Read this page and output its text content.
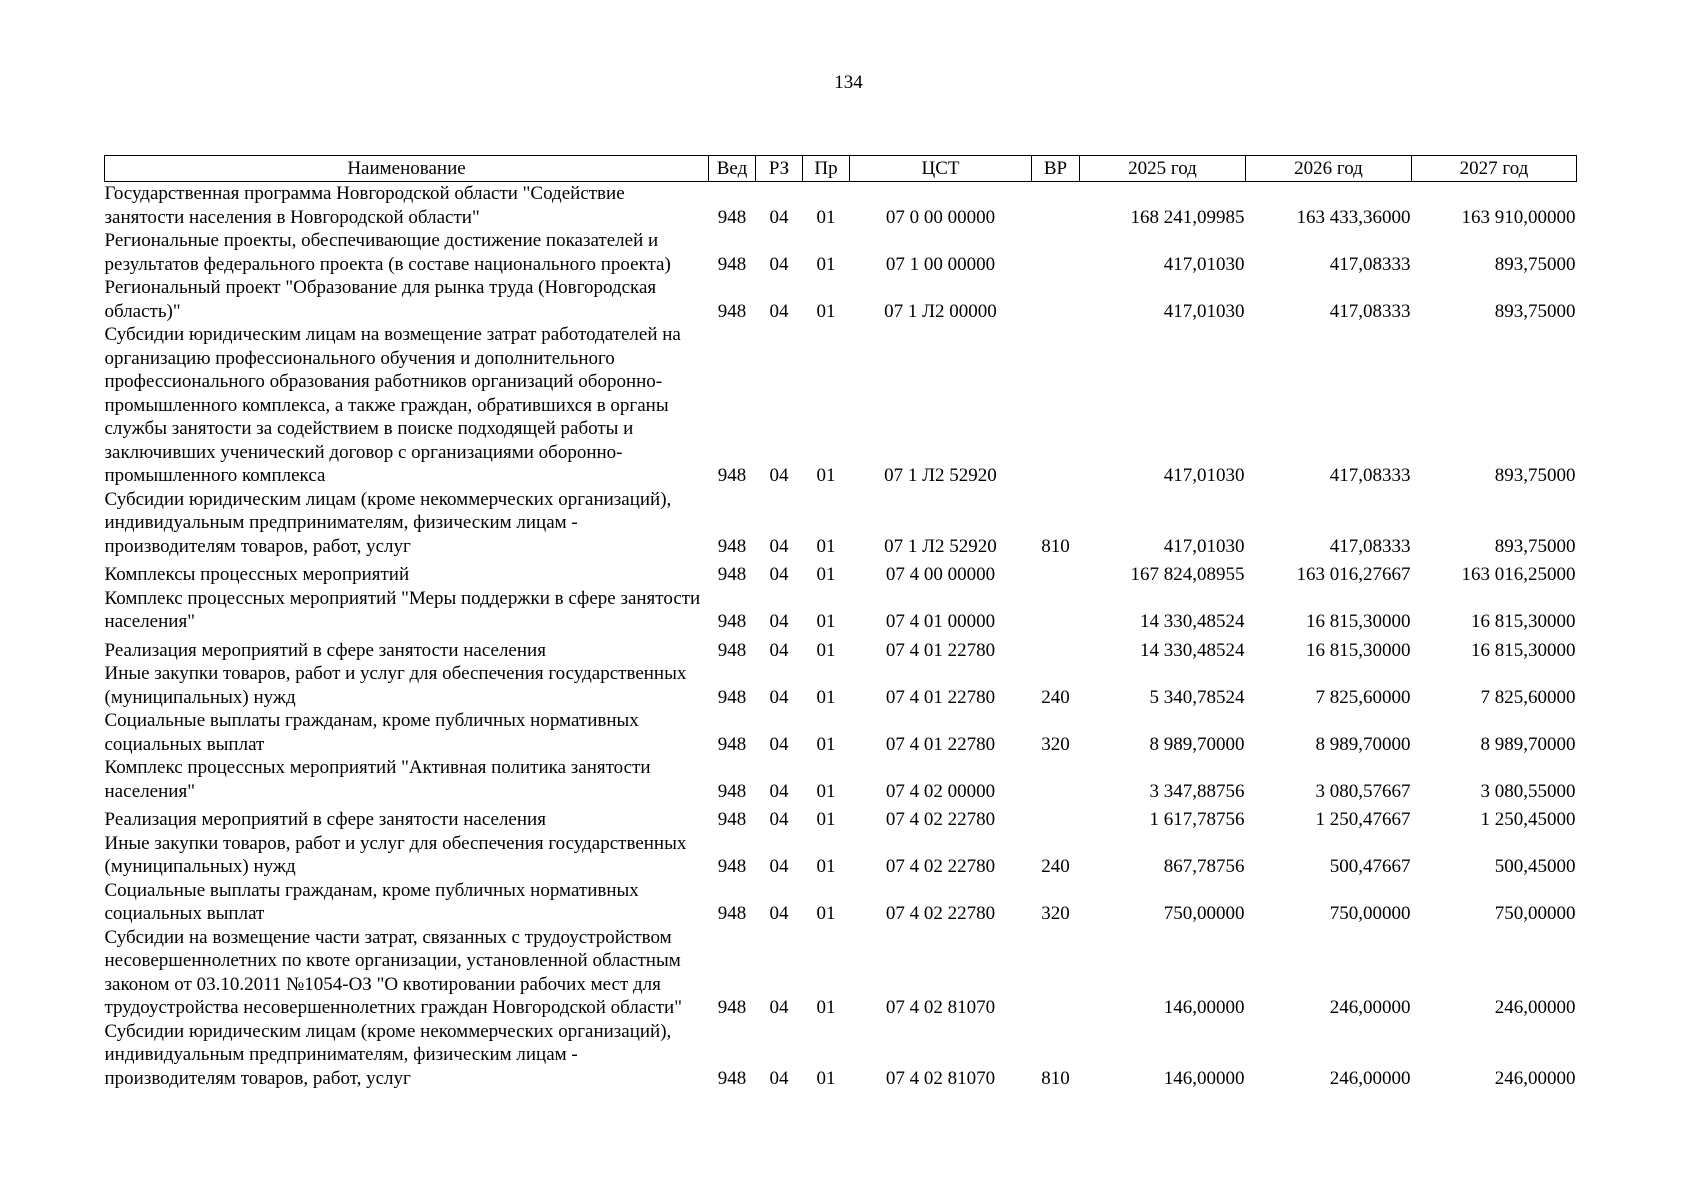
134
Наименование	Вед	РЗ	Пр	ЦСТ	ВР	2025 год	2026 год	2027 год
Государственная программа Новгородской области "Содействие занятости населения в Новгородской области"	948	04	01	07 0 00 00000		168 241,09985	163 433,36000	163 910,00000
Региональные проекты, обеспечивающие достижение показателей и результатов федерального проекта (в составе национального проекта)	948	04	01	07 1 00 00000		417,01030	417,08333	893,75000
Региональный проект "Образование для рынка труда (Новгородская область)"	948	04	01	07 1 Л2 00000		417,01030	417,08333	893,75000
Субсидии юридическим лицам на возмещение затрат работодателей на организацию профессионального обучения и дополнительного профессионального образования работников организаций оборонно-промышленного комплекса, а также граждан, обратившихся в органы службы занятости за содействием в поиске подходящей работы и заключивших ученический договор с организациями оборонно-промышленного комплекса	948	04	01	07 1 Л2 52920		417,01030	417,08333	893,75000
Субсидии юридическим лицам (кроме некоммерческих организаций), индивидуальным предпринимателям, физическим лицам - производителям товаров, работ, услуг	948	04	01	07 1 Л2 52920	810	417,01030	417,08333	893,75000
Комплексы процессных мероприятий	948	04	01	07 4 00 00000		167 824,08955	163 016,27667	163 016,25000
Комплекс процессных мероприятий "Меры поддержки в сфере занятости населения"	948	04	01	07 4 01 00000		14 330,48524	16 815,30000	16 815,30000
Реализация мероприятий в сфере занятости населения	948	04	01	07 4 01 22780		14 330,48524	16 815,30000	16 815,30000
Иные закупки товаров, работ и услуг для обеспечения государственных (муниципальных) нужд	948	04	01	07 4 01 22780	240	5 340,78524	7 825,60000	7 825,60000
Социальные выплаты гражданам, кроме публичных нормативных социальных выплат	948	04	01	07 4 01 22780	320	8 989,70000	8 989,70000	8 989,70000
Комплекс процессных мероприятий "Активная политика занятости населения"	948	04	01	07 4 02 00000		3 347,88756	3 080,57667	3 080,55000
Реализация мероприятий в сфере занятости населения	948	04	01	07 4 02 22780		1 617,78756	1 250,47667	1 250,45000
Иные закупки товаров, работ и услуг для обеспечения государственных (муниципальных) нужд	948	04	01	07 4 02 22780	240	867,78756	500,47667	500,45000
Социальные выплаты гражданам, кроме публичных нормативных социальных выплат	948	04	01	07 4 02 22780	320	750,00000	750,00000	750,00000
Субсидии на возмещение части затрат, связанных с трудоустройством несовершеннолетних по квоте организации, установленной областным законом от 03.10.2011 №1054-ОЗ "О квотировании рабочих мест для трудоустройства несовершеннолетних граждан Новгородской области"	948	04	01	07 4 02 81070		146,00000	246,00000	246,00000
Субсидии юридическим лицам (кроме некоммерческих организаций), индивидуальным предпринимателям, физическим лицам - производителям товаров, работ, услуг	948	04	01	07 4 02 81070	810	146,00000	246,00000	246,00000
